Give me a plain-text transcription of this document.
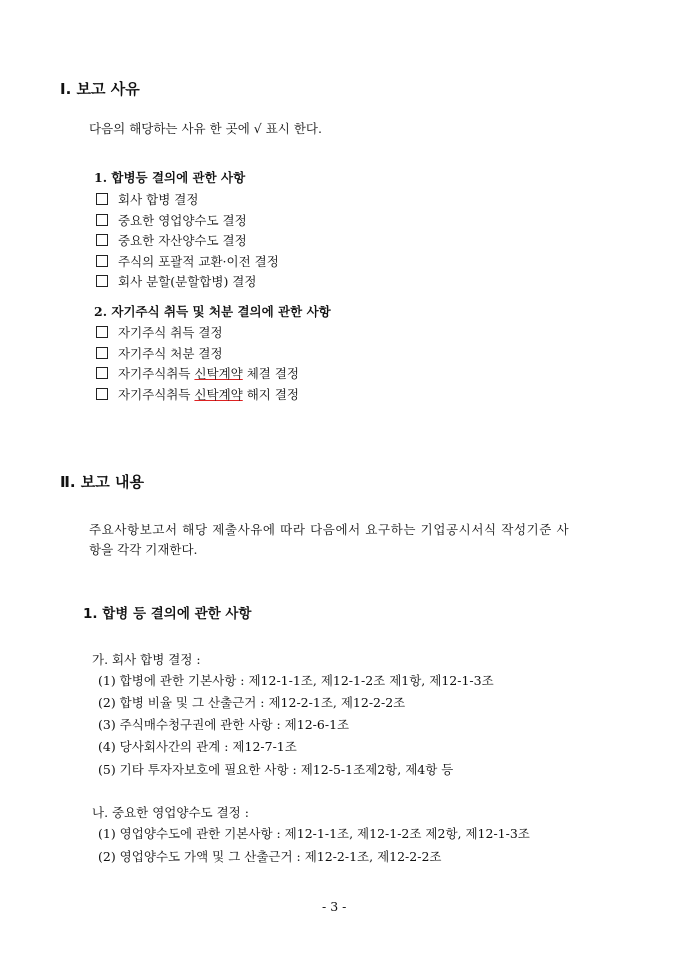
Ⅰ. 보고 사유
다음의 해당하는 사유 한 곳에 √ 표시 한다.
1. 합병등 결의에 관한 사항
회사 합병 결정
중요한 영업양수도 결정
중요한 자산양수도 결정
주식의 포괄적 교환·이전 결정
회사 분할(분할합병) 결정
2. 자기주식 취득 및 처분 결의에 관한 사항
자기주식 취득 결정
자기주식 처분 결정
자기주식취득 신탁계약 체결 결정
자기주식취득 신탁계약 해지 결정
Ⅱ. 보고 내용
주요사항보고서 해당 제출사유에 따라 다음에서 요구하는 기업공시서식 작성기준 사
항을 각각 기재한다.
1. 합병 등 결의에 관한 사항
가. 회사 합병 결정 :
(1) 합병에 관한 기본사항 : 제12-1-1조, 제12-1-2조 제1항, 제12-1-3조
(2) 합병 비율 및 그 산출근거 : 제12-2-1조, 제12-2-2조
(3) 주식매수청구권에 관한 사항 : 제12-6-1조
(4) 당사회사간의 관계 : 제12-7-1조
(5) 기타 투자자보호에 필요한 사항 : 제12-5-1조제2항, 제4항 등
나. 중요한 영업양수도 결정 :
(1) 영업양수도에 관한 기본사항 : 제12-1-1조, 제12-1-2조 제2항, 제12-1-3조
(2) 영업양수도 가액 및 그 산출근거 : 제12-2-1조, 제12-2-2조
- 3 -
